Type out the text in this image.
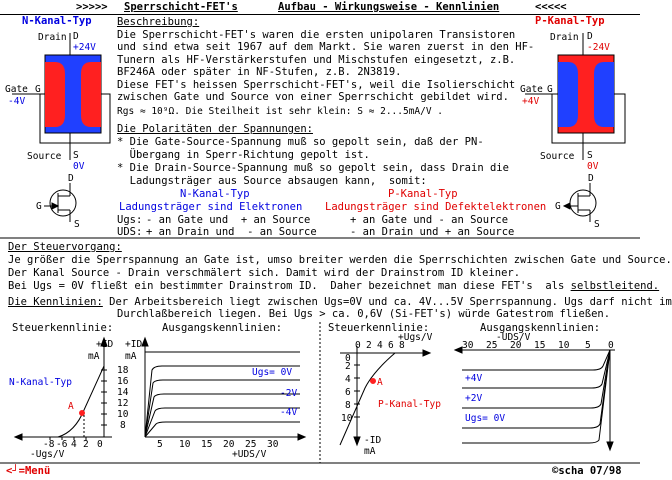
>>>>> Sperrschicht-FET's	Aufbau - Wirkungsweise - Kennlinien	<<<<<
N-Kanal-Typ
Drain D
+24V
Gate G
-4V
Source S
0V
D
G
S
P-Kanal-Typ
Drain D
-24V
Gate G
+4V
Source S
0V
D
G
S
Beschreibung:
Die Sperrschicht-FET's waren die ersten unipolaren Transistoren
und sind etwa seit 1967 auf dem Markt. Sie waren zuerst in den HF-
Tunern als HF-Verstärkerstufen und Mischstufen eingesetzt, z.B.
BF246A oder später in NF-Stufen, z.B. 2N3819.
Diese FET's heissen Sperrschicht-FET's, weil die Isolierschicht
zwischen Gate und Source von einer Sperrschicht gebildet wird.
Rgs ≈ 10⁹Ω. Die Steilheit ist sehr klein: S ≈ 2...5mA/V .
Die Polaritäten der Spannungen:
* Die Gate-Source-Spannung muß so gepolt sein, daß der PN-
Übergang in Sperr-Richtung gepolt ist.
* Die Drain-Source-Spannung muß so gepolt sein, dass Drain die
Ladungsträger aus Source absaugen kann,  somit:
N-Kanal-Typ	P-Kanal-Typ
Ladungsträger sind Elektronen Ladungsträger sind Defektelektronen
Ugs: - an Gate und  + an Source	+ an Gate und - an Source
UDS: + an Drain und  - an Source	- an Drain und + an Source
Der Steuervorgang:
Je größer die Sperrspannung an Gate ist, umso breiter werden die Sperrschichten zwischen Gate und Source.
Der Kanal Source - Drain verschmälert sich. Damit wird der Drainstrom ID kleiner.
Bei Ugs = 0V fließt ein bestimmter Drainstrom ID.  Daher bezeichnet man diese FET's  als selbstleitend.
Die Kennlinien: Der Arbeitsbereich liegt zwischen Ugs=0V und ca. 4V...5V Sperrspannung. Ugs darf nicht im
Durchlaßbereich liegen. Bei Ugs > ca. 0,6V (Si-FET's) würde Gatestrom fließen.
Steuerkennlinie:	Ausgangskennlinien:	Steuerkennlinie:	Ausgangskennlinien:
+ID
mA
+ID
mA
18
16
14
12
10
8
N-Kanal-Typ
A
-Ugs/V
-8 -6 4 2 0
Ugs= 0V
-2V
-4V
5 10 15 20 25 30
+UDS/V
0 2 4 6 8
+Ugs/V
0
2
4
6
8
10
A
P-Kanal-Typ
-ID
mA
-UDS/V
30 25 20 15 10 5 0
+4V
+2V
Ugs= 0V
<┘=Menü	©scha 07/98
